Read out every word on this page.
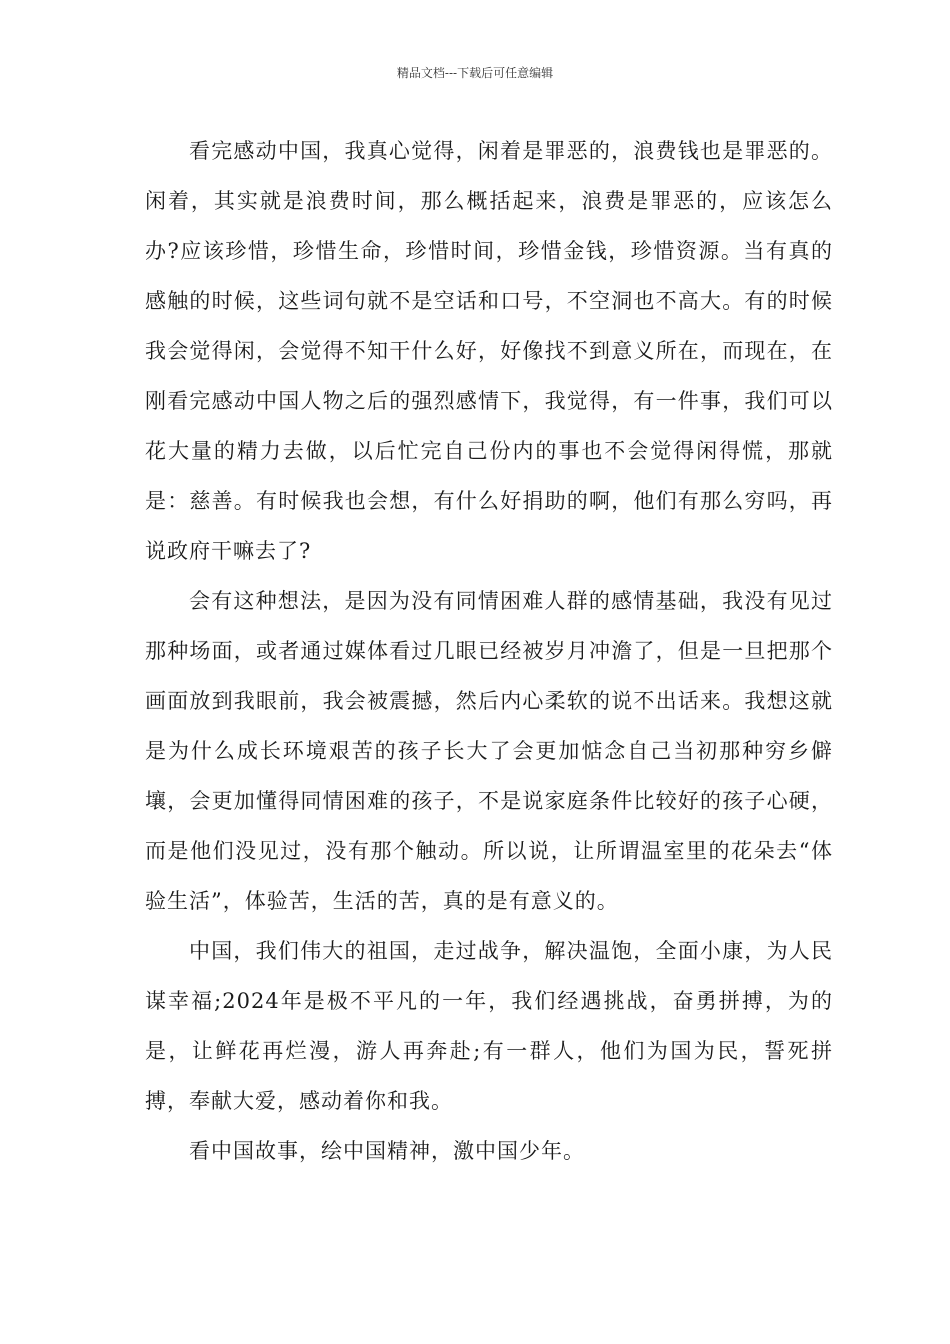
精品文档---下载后可任意编辑

看完感动中国，我真心觉得，闲着是罪恶的，浪费钱也是罪恶的。闲着，其实就是浪费时间，那么概括起来，浪费是罪恶的，应该怎么办?应该珍惜，珍惜生命，珍惜时间，珍惜金钱，珍惜资源。当有真的感触的时候，这些词句就不是空话和口号，不空洞也不高大。有的时候我会觉得闲，会觉得不知干什么好，好像找不到意义所在，而现在，在刚看完感动中国人物之后的强烈感情下，我觉得，有一件事，我们可以花大量的精力去做，以后忙完自己份内的事也不会觉得闲得慌，那就是：慈善。有时候我也会想，有什么好捐助的啊，他们有那么穷吗，再说政府干嘛去了?

会有这种想法，是因为没有同情困难人群的感情基础，我没有见过那种场面，或者通过媒体看过几眼已经被岁月冲澹了，但是一旦把那个画面放到我眼前，我会被震撼，然后内心柔软的说不出话来。我想这就是为什么成长环境艰苦的孩子长大了会更加惦念自己当初那种穷乡僻壤，会更加懂得同情困难的孩子，不是说家庭条件比较好的孩子心硬，而是他们没见过，没有那个触动。所以说，让所谓温室里的花朵去“体验生活”，体验苦，生活的苦，真的是有意义的。

中国，我们伟大的祖国，走过战争，解决温饱，全面小康，为人民谋幸福;2024年是极不平凡的一年，我们经遇挑战，奋勇拼搏，为的是，让鲜花再烂漫，游人再奔赴;有一群人，他们为国为民，誓死拼搏，奉献大爱，感动着你和我。

看中国故事，绘中国精神，激中国少年。
